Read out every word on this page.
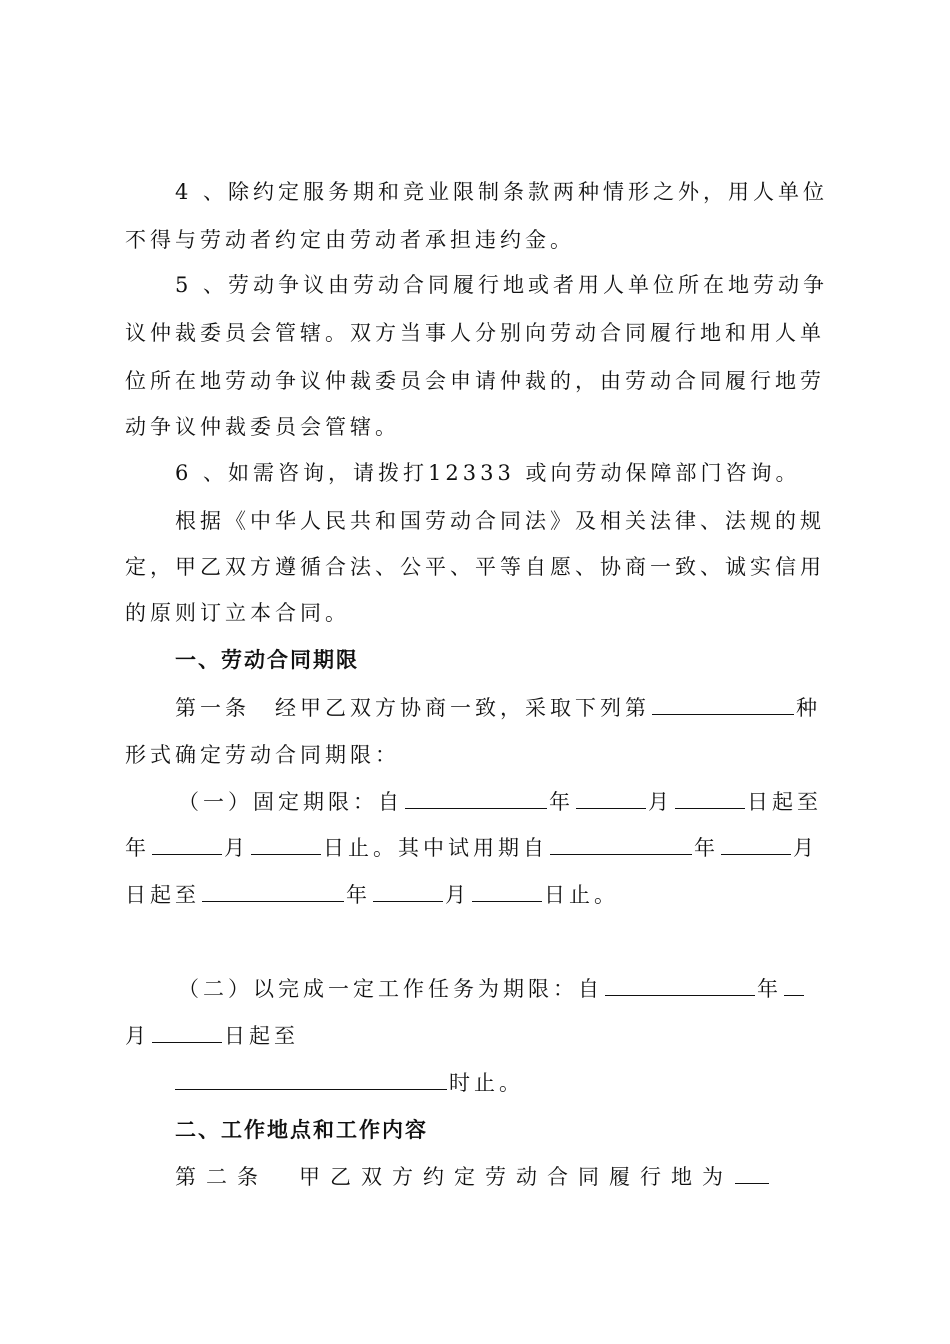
4 、除约定服务期和竞业限制条款两种情形之外，用人单位
不得与劳动者约定由劳动者承担违约金。
5 、劳动争议由劳动合同履行地或者用人单位所在地劳动争
议仲裁委员会管辖。双方当事人分别向劳动合同履行地和用人单
位所在地劳动争议仲裁委员会申请仲裁的，由劳动合同履行地劳
动争议仲裁委员会管辖。
6 、如需咨询，请拨打12333 或向劳动保障部门咨询。
根据《中华人民共和国劳动合同法》及相关法律、法规的规
定，甲乙双方遵循合法、公平、平等自愿、协商一致、诚实信用
的原则订立本合同。
一、劳动合同期限
第一条　经甲乙双方协商一致，采取下列第	种
形式确定劳动合同期限：
（一）固定期限：自	年	月	日起至
年	月	日止。其中试用期自	年	月
日起至	年	月	日止。
（二）以完成一定工作任务为期限：自	年
月	日起至
时止。
二、工作地点和工作内容
第二条　甲乙双方约定劳动合同履行地为
